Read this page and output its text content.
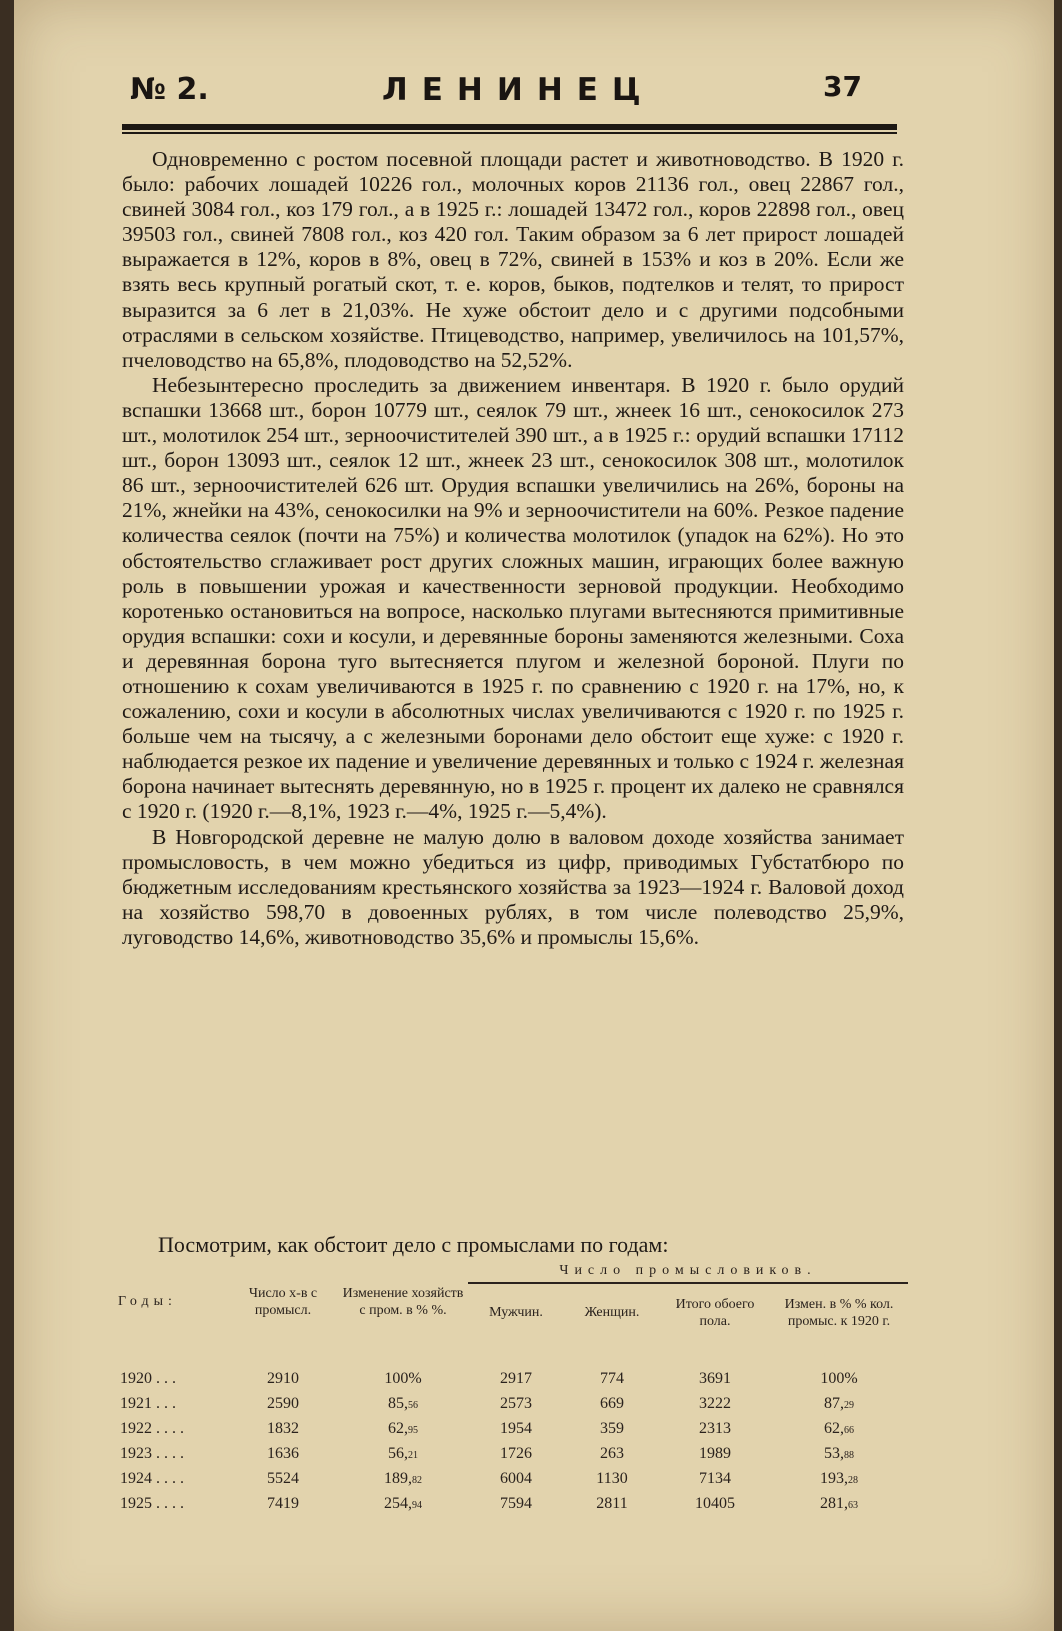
№ 2.	ЛЕНИНЕЦ	37

Одновременно с ростом посевной площади растет и животноводство. В 1920 г. было: рабочих лошадей 10226 гол., молочных коров 21136 гол., овец 22867 гол., свиней 3084 гол., коз 179 гол., а в 1925 г.: лошадей 13472 гол., коров 22898 гол., овец 39503 гол., свиней 7808 гол., коз 420 гол. Таким образом за 6 лет прирост лошадей выражается в 12%, коров в 8%, овец в 72%, свиней в 153% и коз в 20%. Если же взять весь крупный рогатый скот, т. е. коров, быков, подтелков и телят, то прирост выразится за 6 лет в 21,03%. Не хуже обстоит дело и с другими подсобными отраслями в сельском хозяйстве. Птицеводство, например, увеличилось на 101,57%, пчеловодство на 65,8%, плодоводство на 52,52%.

Небезынтересно проследить за движением инвентаря. В 1920 г. было орудий вспашки 13668 шт., борон 10779 шт., сеялок 79 шт., жнеек 16 шт., сенокосилок 273 шт., молотилок 254 шт., зерноочистителей 390 шт., а в 1925 г.: орудий вспашки 17112 шт., борон 13093 шт., сеялок 12 шт., жнеек 23 шт., сенокосилок 308 шт., молотилок 86 шт., зерноочистителей 626 шт. Орудия вспашки увеличились на 26%, бороны на 21%, жнейки на 43%, сенокосилки на 9% и зерноочистители на 60%. Резкое падение количества сеялок (почти на 75%) и количества молотилок (упадок на 62%). Но это обстоятельство сглаживает рост других сложных машин, играющих более важную роль в повышении урожая и качественности зерновой продукции. Необходимо коротенько остановиться на вопросе, насколько плугами вытесняются примитивные орудия вспашки: сохи и косули, и деревянные бороны заменяются железными. Соха и деревянная борона туго вытесняется плугом и железной бороной. Плуги по отношению к сохам увеличиваются в 1925 г. по сравнению с 1920 г. на 17%, но, к сожалению, сохи и косули в абсолютных числах увеличиваются с 1920 г. по 1925 г. больше чем на тысячу, а с железными боронами дело обстоит еще хуже: с 1920 г. наблюдается резкое их падение и увеличение деревянных и только с 1924 г. железная борона начинает вытеснять деревянную, но в 1925 г. процент их далеко не сравнялся с 1920 г. (1920 г.—8,1%, 1923 г.—4%, 1925 г.—5,4%).

В Новгородской деревне не малую долю в валовом доходе хозяйства занимает промысловость, в чем можно убедиться из цифр, приводимых Губстатбюро по бюджетным исследованиям крестьянского хозяйства за 1923—1924 г. Валовой доход на хозяйство 598,70 в довоенных рублях, в том числе полеводство 25,9%, луговодство 14,6%, животноводство 35,6% и промыслы 15,6%.

Посмотрим, как обстоит дело с промыслами по годам:
Годы:	Число х-в с промысл.	Изменение хозяйств с пром. в % %.	Число промысловиков.			
			Мужчин.	Женщин.	Итого обоего пола.	Измен. в % % кол. промыс. к 1920 г.

1920 . . .	2910	100%	2917	774	3691	100%
1921 . . .	2590	85,56	2573	669	3222	87,29
1922 . . . .	1832	62,95	1954	359	2313	62,66
1923 . . . .	1636	56,21	1726	263	1989	53,88
1924 . . . .	5524	189,82	6004	1130	7134	193,28
1925 . . . .	7419	254,94	7594	2811	10405	281,63
